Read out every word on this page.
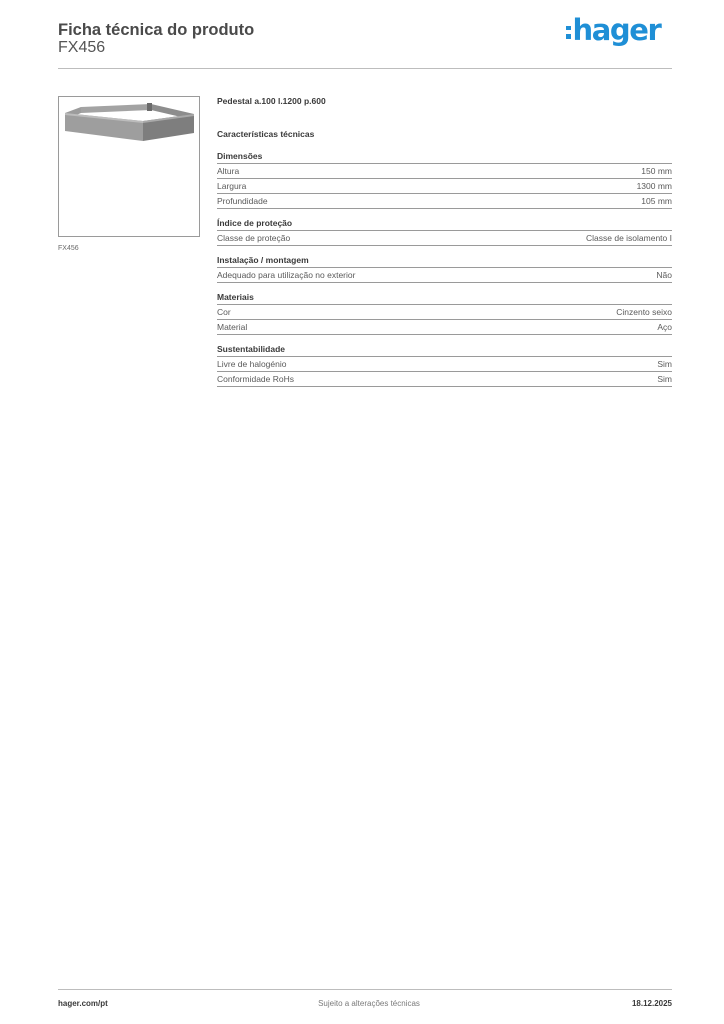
Ficha técnica do produto
FX456
hager
FX456
Pedestal a.100 l.1200 p.600
Características técnicas
Dimensões
Altura	150 mm
Largura	1300 mm
Profundidade	105 mm
Índice de proteção
Classe de proteção	Classe de isolamento I
Instalação / montagem
Adequado para utilização no exterior	Não
Materiais
Cor	Cinzento seixo
Material	Aço
Sustentabilidade
Livre de halogénio	Sim
Conformidade RoHs	Sim
hager.com/pt	Sujeito a alterações técnicas	18.12.2025
